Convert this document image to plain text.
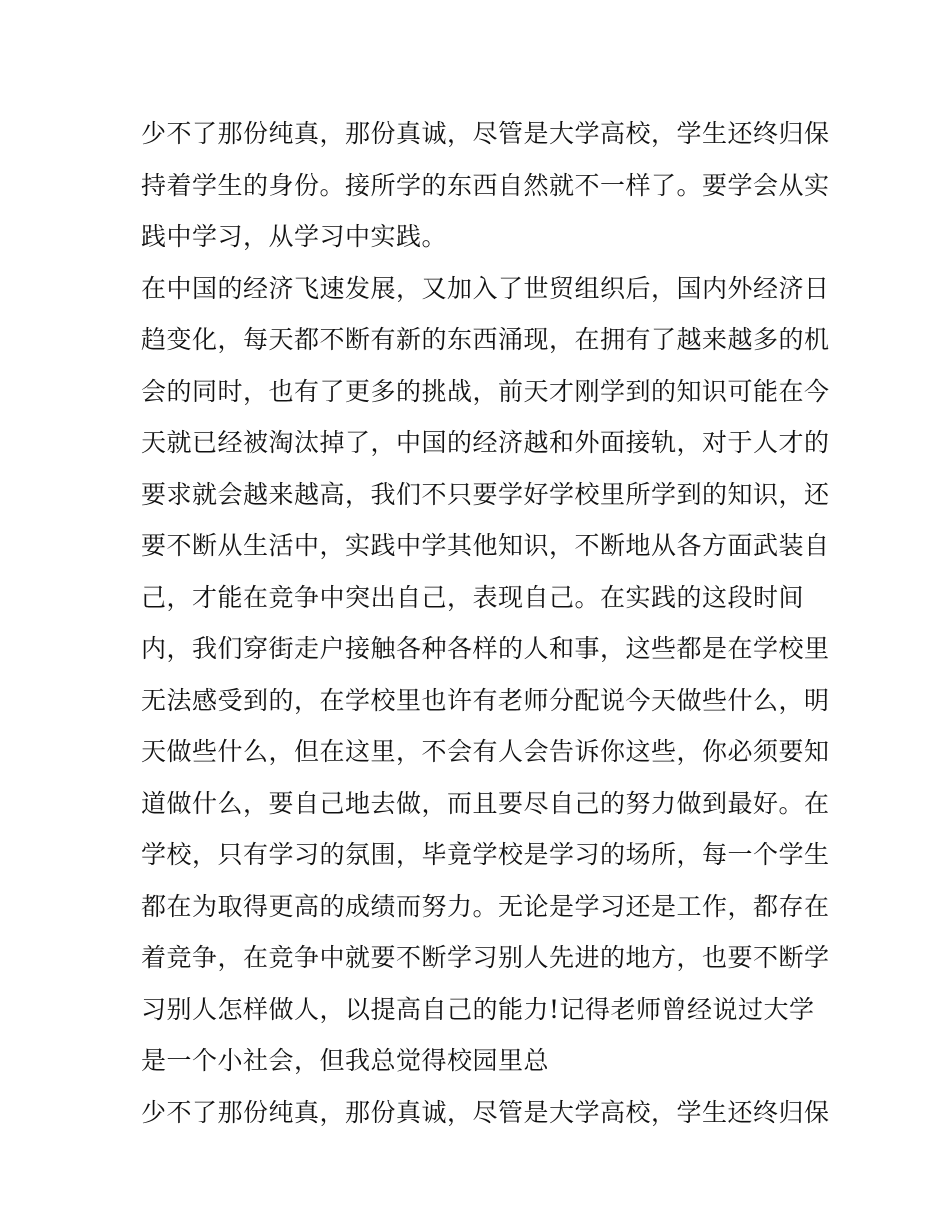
少不了那份纯真，那份真诚，尽管是大学高校，学生还终归保
持着学生的身份。接所学的东西自然就不一样了。要学会从实
践中学习，从学习中实践。
在中国的经济飞速发展，又加入了世贸组织后，国内外经济日
趋变化，每天都不断有新的东西涌现，在拥有了越来越多的机
会的同时，也有了更多的挑战，前天才刚学到的知识可能在今
天就已经被淘汰掉了，中国的经济越和外面接轨，对于人才的
要求就会越来越高，我们不只要学好学校里所学到的知识，还
要不断从生活中，实践中学其他知识，不断地从各方面武装自
己，才能在竞争中突出自己，表现自己。在实践的这段时间
内，我们穿街走户接触各种各样的人和事，这些都是在学校里
无法感受到的，在学校里也许有老师分配说今天做些什么，明
天做些什么，但在这里，不会有人会告诉你这些，你必须要知
道做什么，要自己地去做，而且要尽自己的努力做到最好。在
学校，只有学习的氛围，毕竟学校是学习的场所，每一个学生
都在为取得更高的成绩而努力。无论是学习还是工作，都存在
着竞争，在竞争中就要不断学习别人先进的地方，也要不断学
习别人怎样做人，以提高自己的能力!记得老师曾经说过大学
是一个小社会，但我总觉得校园里总
少不了那份纯真，那份真诚，尽管是大学高校，学生还终归保
